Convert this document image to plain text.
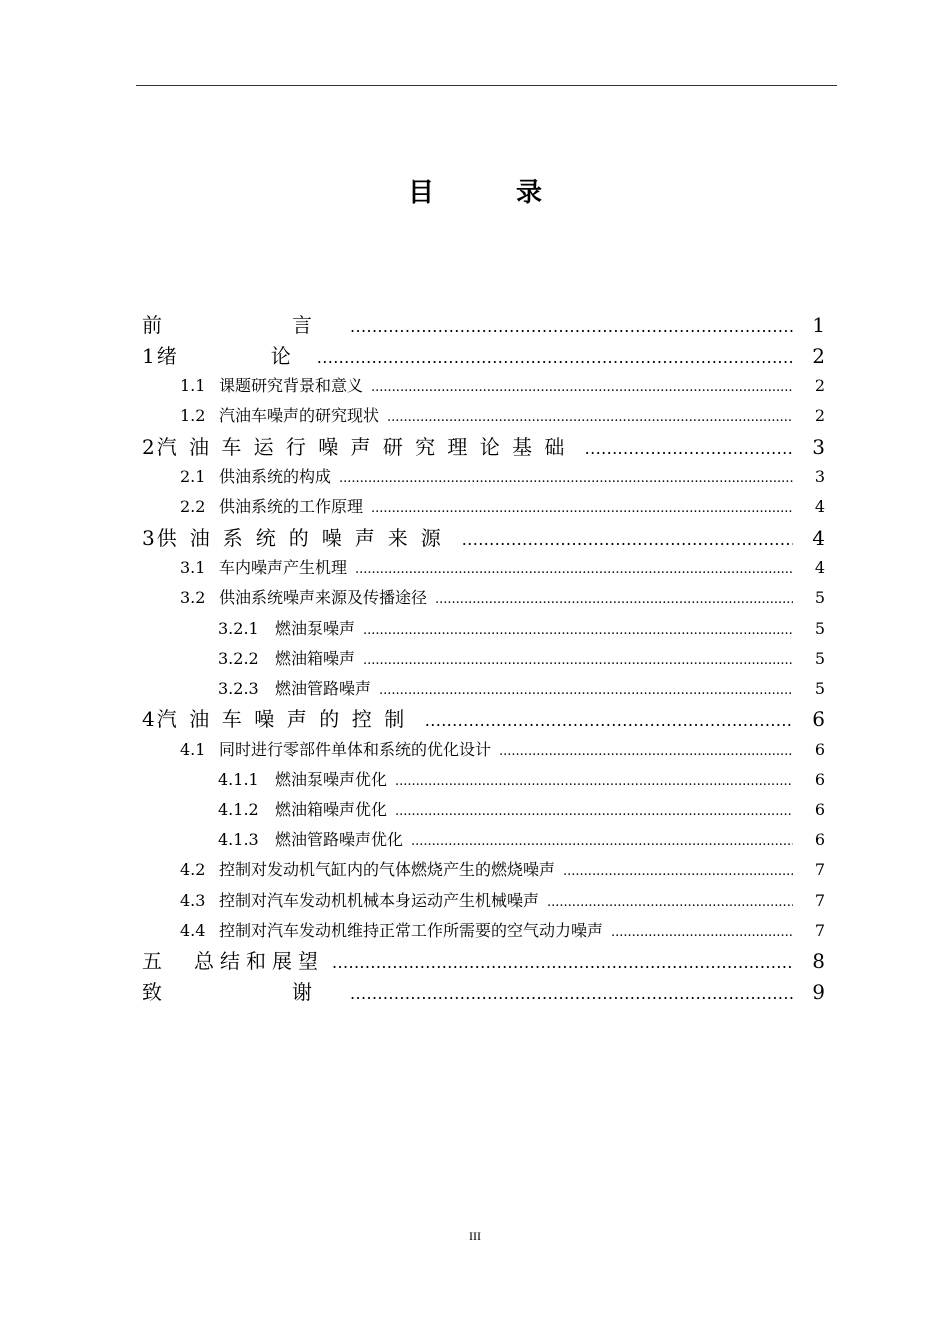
目	录
前　　言 .....	1
1 绪　　论 .....	2
1.1 课题研究背景和意义 .....	2
1.2 汽油车噪声的研究现状 .....	2
2 汽油车运行噪声研究理论基础 .....	3
2.1 供油系统的构成 .....	3
2.2 供油系统的工作原理 .....	4
3 供油系统的噪声来源 .....	4
3.1 车内噪声产生机理 .....	4
3.2 供油系统噪声来源及传播途径 .....	5
3.2.1	燃油泵噪声 .....	5
3.2.2	燃油箱噪声 .....	5
3.2.3	燃油管路噪声 .....	5
4 汽油车噪声的控制 .....	6
4.1 同时进行零部件单体和系统的优化设计 .....	6
4.1.1	燃油泵噪声优化 .....	6
4.1.2	燃油箱噪声优化 .....	6
4.1.3	燃油管路噪声优化 .....	6
4.2 控制对发动机气缸内的气体燃烧产生的燃烧噪声 .....	7
4.3 控制对汽车发动机机械本身运动产生机械噪声 .....	7
4.4 控制对汽车发动机维持正常工作所需要的空气动力噪声 .....	7
五　总结和展望 .....	8
致　　谢 .....	9
III
